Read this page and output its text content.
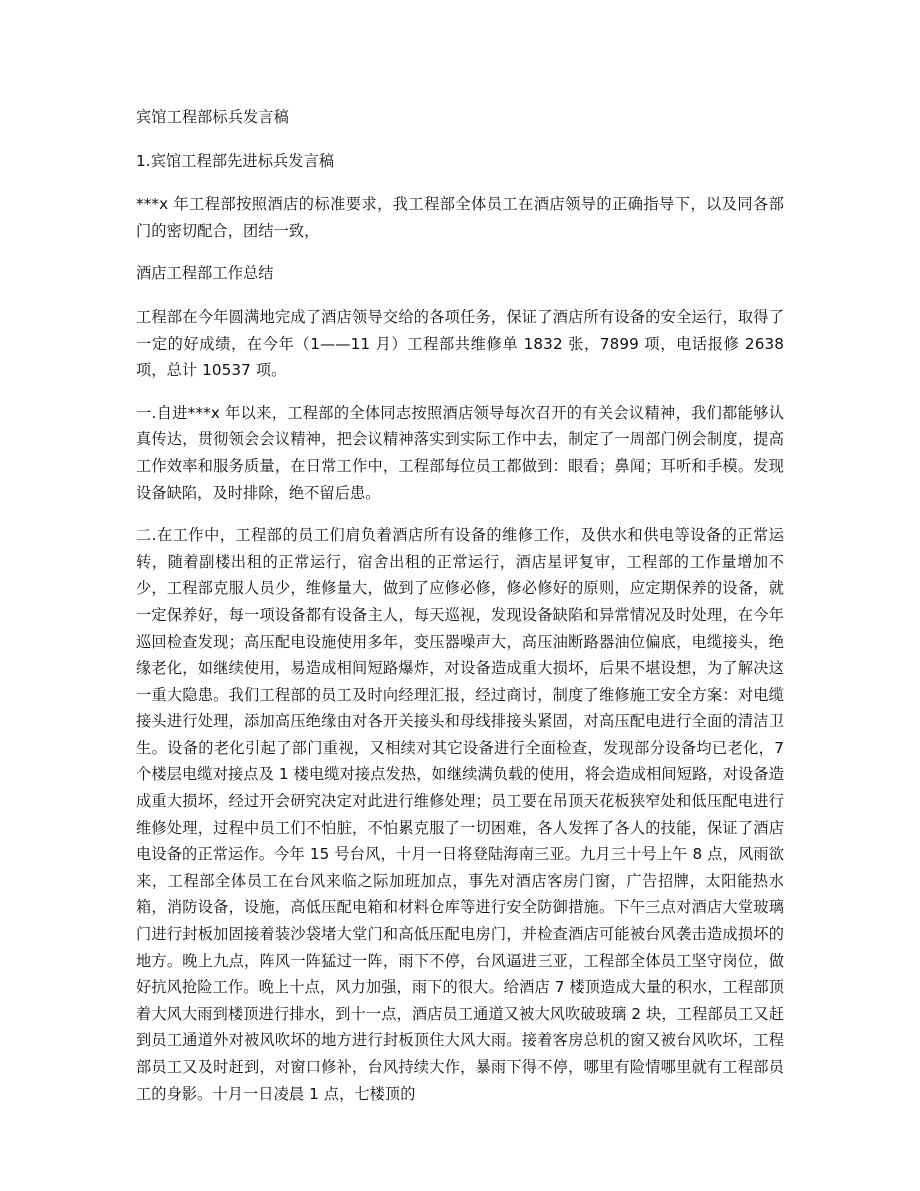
宾馆工程部标兵发言稿

1.宾馆工程部先进标兵发言稿

***x 年工程部按照酒店的标准要求，我工程部全体员工在酒店领导的正确指导下，以及同各部门的密切配合，团结一致，

酒店工程部工作总结

工程部在今年圆满地完成了酒店领导交给的各项任务，保证了酒店所有设备的安全运行，取得了一定的好成绩，在今年（1——11 月）工程部共维修单 1832 张，7899 项，电话报修 2638 项，总计 10537 项。

一.自进***x 年以来，工程部的全体同志按照酒店领导每次召开的有关会议精神，我们都能够认真传达，贯彻领会会议精神，把会议精神落实到实际工作中去，制定了一周部门例会制度，提高工作效率和服务质量，在日常工作中，工程部每位员工都做到：眼看；鼻闻；耳听和手模。发现设备缺陷，及时排除，绝不留后患。

二.在工作中，工程部的员工们肩负着酒店所有设备的维修工作，及供水和供电等设备的正常运转，随着副楼出租的正常运行，宿舍出租的正常运行，酒店星评复审，工程部的工作量增加不少，工程部克服人员少，维修量大，做到了应修必修，修必修好的原则，应定期保养的设备，就一定保养好，每一项设备都有设备主人，每天巡视，发现设备缺陷和异常情况及时处理，在今年巡回检查发现；高压配电设施使用多年，变压器噪声大，高压油断路器油位偏底，电缆接头，绝缘老化，如继续使用，易造成相间短路爆炸，对设备造成重大损坏，后果不堪设想，为了解决这一重大隐患。我们工程部的员工及时向经理汇报，经过商讨，制度了维修施工安全方案：对电缆接头进行处理，添加高压绝缘由对各开关接头和母线排接头紧固，对高压配电进行全面的清洁卫生。设备的老化引起了部门重视，又相续对其它设备进行全面检查，发现部分设备均已老化，7 个楼层电缆对接点及 1 楼电缆对接点发热，如继续满负载的使用，将会造成相间短路，对设备造成重大损坏，经过开会研究决定对此进行维修处理；员工要在吊顶天花板狭窄处和低压配电进行维修处理，过程中员工们不怕脏，不怕累克服了一切困难，各人发挥了各人的技能，保证了酒店电设备的正常运作。今年 15 号台风，十月一日将登陆海南三亚。九月三十号上午 8 点，风雨欲来，工程部全体员工在台风来临之际加班加点，事先对酒店客房门窗，广告招牌，太阳能热水箱，消防设备，设施，高低压配电箱和材料仓库等进行安全防御措施。下午三点对酒店大堂玻璃门进行封板加固接着装沙袋堵大堂门和高低压配电房门，并检查酒店可能被台风袭击造成损坏的地方。晚上九点，阵风一阵猛过一阵，雨下不停，台风逼进三亚，工程部全体员工坚守岗位，做好抗风抢险工作。晚上十点，风力加强，雨下的很大。给酒店 7 楼顶造成大量的积水，工程部顶着大风大雨到楼顶进行排水，到十一点，酒店员工通道又被大风吹破玻璃 2 块，工程部员工又赶到员工通道外对被风吹坏的地方进行封板顶住大风大雨。接着客房总机的窗又被台风吹坏，工程部员工又及时赶到，对窗口修补，台风持续大作，暴雨下得不停，哪里有险情哪里就有工程部员工的身影。十月一日凌晨 1 点，七楼顶的
